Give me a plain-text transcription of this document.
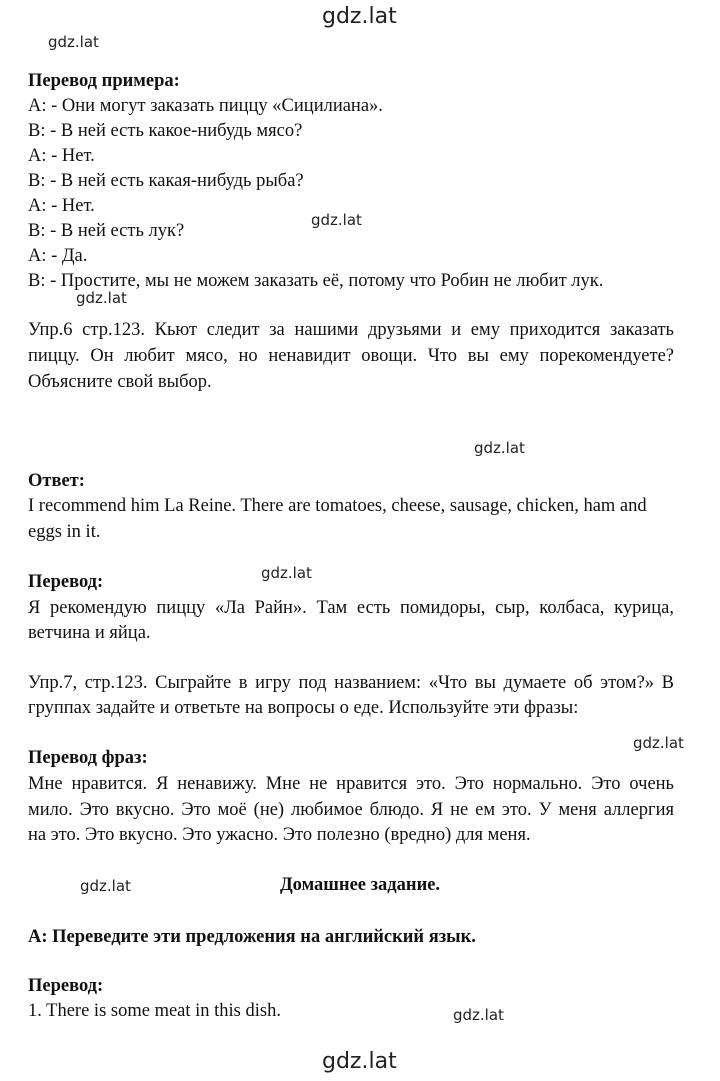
gdz.lat
gdz.lat
gdz.lat
gdz.lat
gdz.lat
gdz.lat
gdz.lat
gdz.lat
gdz.lat
gdz.lat
Перевод примера:
A: - Они могут заказать пиццу «Сицилиана».
B: - В ней есть какое-нибудь мясо?
A: - Нет.
B: - В ней есть какая-нибудь рыба?
A: - Нет.
B: - В ней есть лук?
A: - Да.
B: - Простите, мы не можем заказать её, потому что Робин не любит лук.
Упр.6 стр.123. Кьют следит за нашими друзьями и ему приходится заказать
пиццу. Он любит мясо, но ненавидит овощи. Что вы ему порекомендуете?
Объясните свой выбор.
Ответ:
I recommend him La Reine. There are tomatoes, cheese, sausage, chicken, ham and
eggs in it.
Перевод:
Я рекомендую пиццу «Ла Райн». Там есть помидоры, сыр, колбаса, курица,
ветчина и яйца.
Упр.7, стр.123. Сыграйте в игру под названием: «Что вы думаете об этом?» В
группах задайте и ответьте на вопросы о еде. Используйте эти фразы:
Перевод фраз:
Мне нравится. Я ненавижу. Мне не нравится это. Это нормально. Это очень
мило. Это вкусно. Это моё (не) любимое блюдо. Я не ем это. У меня аллергия
на это. Это вкусно. Это ужасно. Это полезно (вредно) для меня.
Домашнее задание.
A: Переведите эти предложения на английский язык.
Перевод:
1. There is some meat in this dish.
